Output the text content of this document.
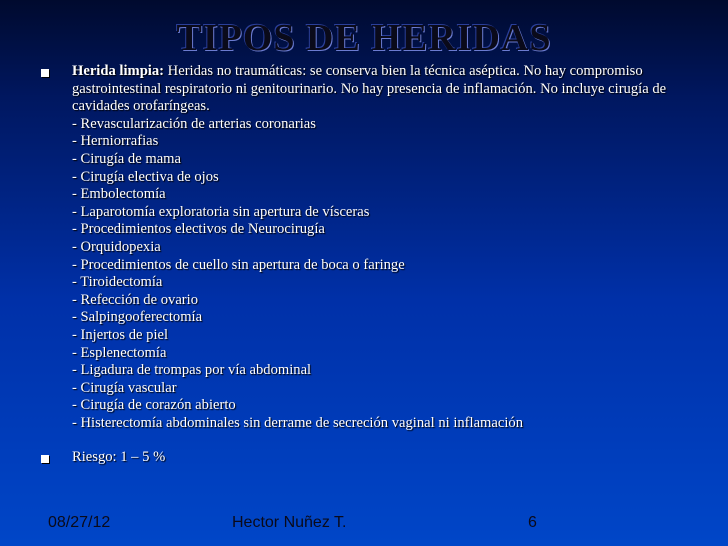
TIPOS DE HERIDAS
Herida limpia: Heridas no traumáticas: se conserva bien la técnica aséptica. No hay compromiso gastrointestinal respiratorio ni genitourinario. No hay presencia de inflamación. No incluye cirugía de cavidades orofaríngeas.
- Revascularización de arterias coronarias
- Herniorrafias
- Cirugía de mama
- Cirugía electiva de ojos
- Embolectomía
- Laparotomía exploratoria sin apertura de vísceras
- Procedimientos electivos de Neurocirugía
- Orquidopexia
- Procedimientos de cuello sin apertura de boca o faringe
- Tiroidectomía
- Refección de ovario
- Salpingooferectomía
- Injertos de piel
- Esplenectomía
- Ligadura de trompas por vía abdominal
- Cirugía vascular
- Cirugía de corazón abierto
- Histerectomía abdominales sin derrame de secreción vaginal ni inflamación
Riesgo: 1 – 5 %
08/27/12	Hector Nuñez T.	6
